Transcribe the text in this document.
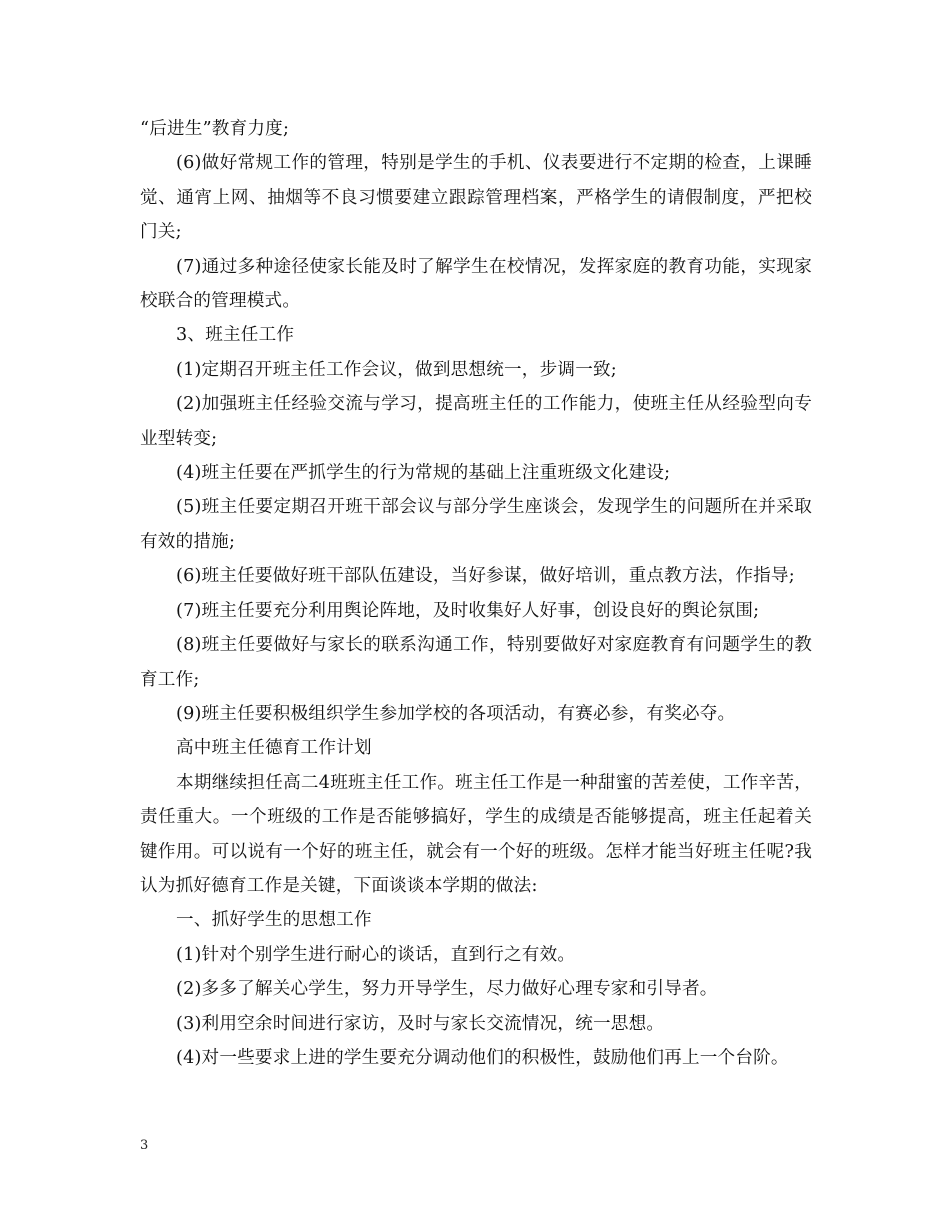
“后进生”教育力度;

(6)做好常规工作的管理，特别是学生的手机、仪表要进行不定期的检查，上课睡觉、通宵上网、抽烟等不良习惯要建立跟踪管理档案，严格学生的请假制度，严把校门关;

(7)通过多种途径使家长能及时了解学生在校情况，发挥家庭的教育功能，实现家校联合的管理模式。

3、班主任工作

(1)定期召开班主任工作会议，做到思想统一，步调一致;

(2)加强班主任经验交流与学习，提高班主任的工作能力，使班主任从经验型向专业型转变;

(4)班主任要在严抓学生的行为常规的基础上注重班级文化建设;

(5)班主任要定期召开班干部会议与部分学生座谈会，发现学生的问题所在并采取有效的措施;

(6)班主任要做好班干部队伍建设，当好参谋，做好培训，重点教方法，作指导;

(7)班主任要充分利用舆论阵地，及时收集好人好事，创设良好的舆论氛围;

(8)班主任要做好与家长的联系沟通工作，特别要做好对家庭教育有问题学生的教育工作;

(9)班主任要积极组织学生参加学校的各项活动，有赛必参，有奖必夺。

高中班主任德育工作计划

本期继续担任高二4班班主任工作。班主任工作是一种甜蜜的苦差使，工作辛苦，责任重大。一个班级的工作是否能够搞好，学生的成绩是否能够提高，班主任起着关键作用。可以说有一个好的班主任，就会有一个好的班级。怎样才能当好班主任呢?我认为抓好德育工作是关键，下面谈谈本学期的做法:

一、抓好学生的思想工作

(1)针对个别学生进行耐心的谈话，直到行之有效。

(2)多多了解关心学生，努力开导学生，尽力做好心理专家和引导者。

(3)利用空余时间进行家访，及时与家长交流情况，统一思想。

(4)对一些要求上进的学生要充分调动他们的积极性，鼓励他们再上一个台阶。

3
